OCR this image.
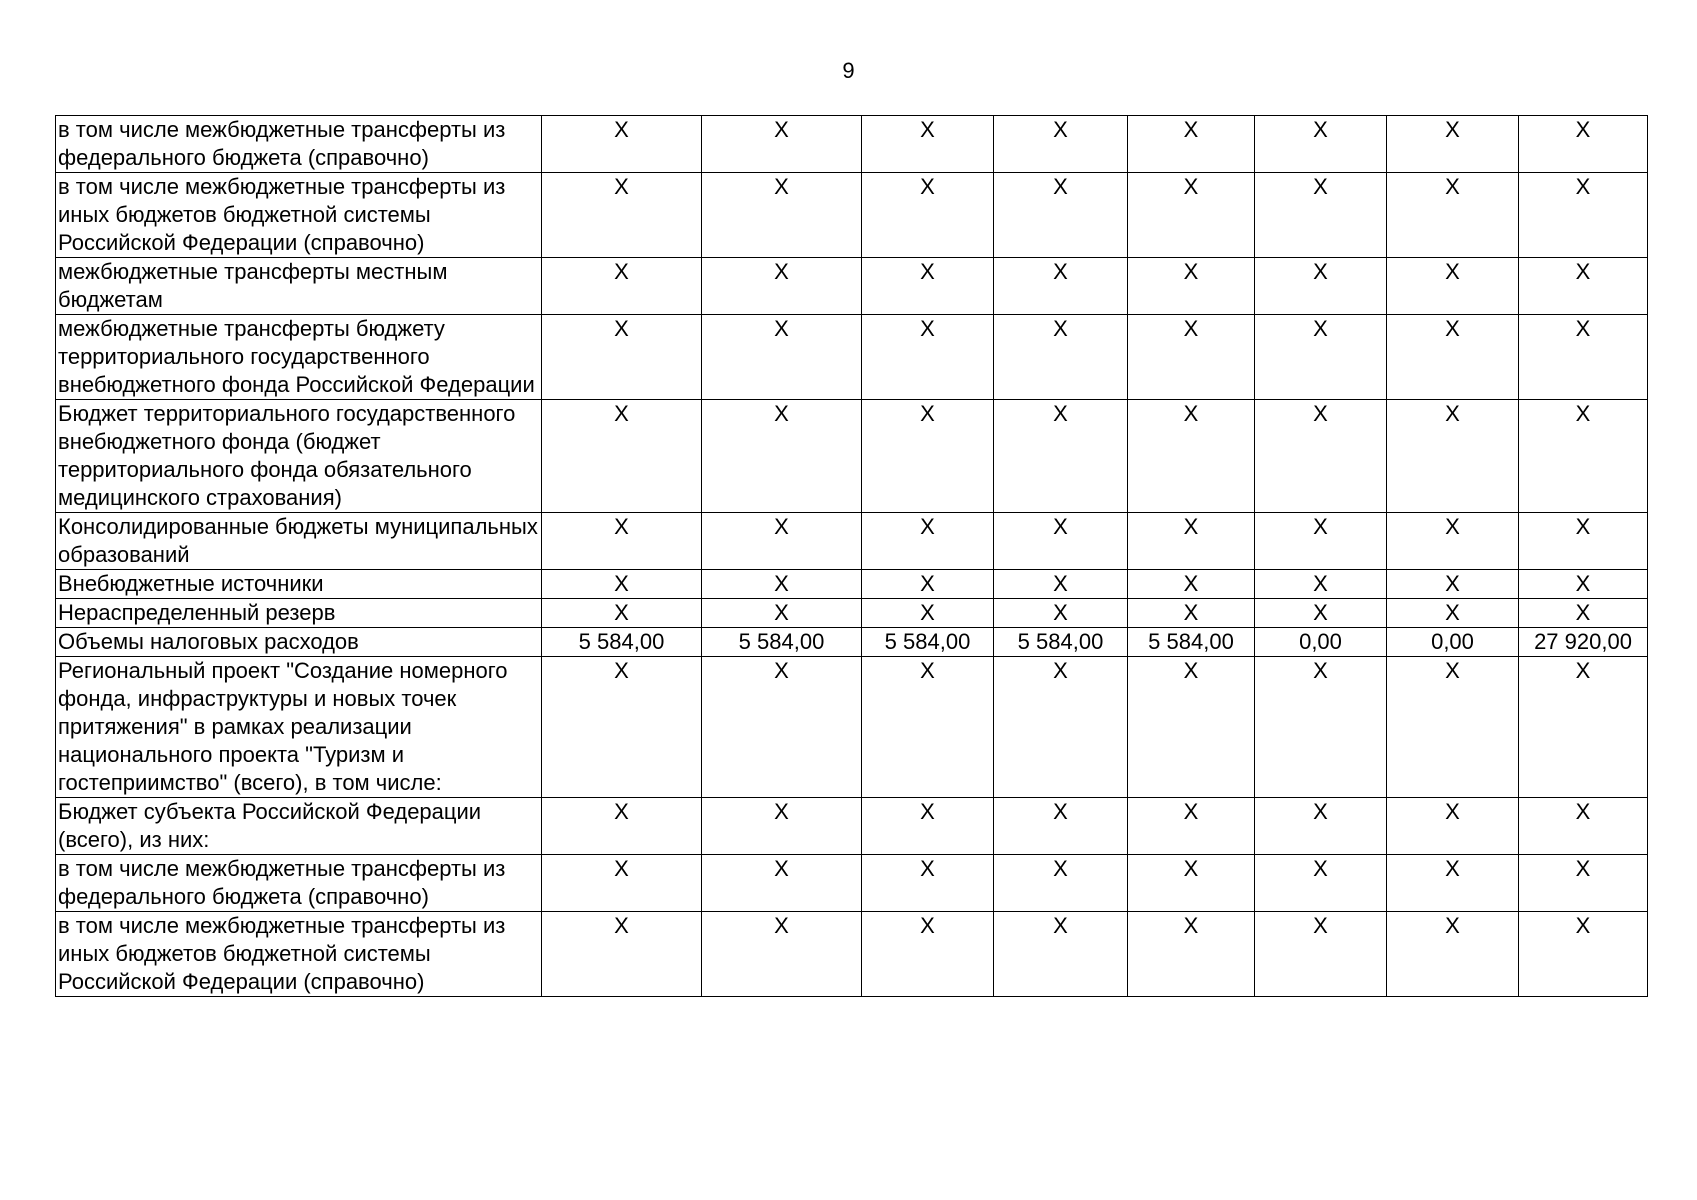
9
в том числе межбюджетные трансферты из федерального бюджета (справочно)	X	X	X	X	X	X	X	X
в том числе межбюджетные трансферты из иных бюджетов бюджетной системы Российской Федерации (справочно)	X	X	X	X	X	X	X	X
межбюджетные трансферты местным бюджетам	X	X	X	X	X	X	X	X
межбюджетные трансферты бюджету территориального государственного внебюджетного фонда Российской Федерации	X	X	X	X	X	X	X	X
Бюджет территориального государственного внебюджетного фонда (бюджет территориального фонда обязательного медицинского страхования)	X	X	X	X	X	X	X	X
Консолидированные бюджеты муниципальных образований	X	X	X	X	X	X	X	X
Внебюджетные источники	X	X	X	X	X	X	X	X
Нераспределенный резерв	X	X	X	X	X	X	X	X
Объемы налоговых расходов	5 584,00	5 584,00	5 584,00	5 584,00	5 584,00	0,00	0,00	27 920,00
Региональный проект "Создание номерного фонда, инфраструктуры и новых точек притяжения" в рамках реализации национального проекта "Туризм и гостеприимство" (всего), в том числе:	X	X	X	X	X	X	X	X
Бюджет субъекта Российской Федерации (всего), из них:	X	X	X	X	X	X	X	X
в том числе межбюджетные трансферты из федерального бюджета (справочно)	X	X	X	X	X	X	X	X
в том числе межбюджетные трансферты из иных бюджетов бюджетной системы Российской Федерации (справочно)	X	X	X	X	X	X	X	X
